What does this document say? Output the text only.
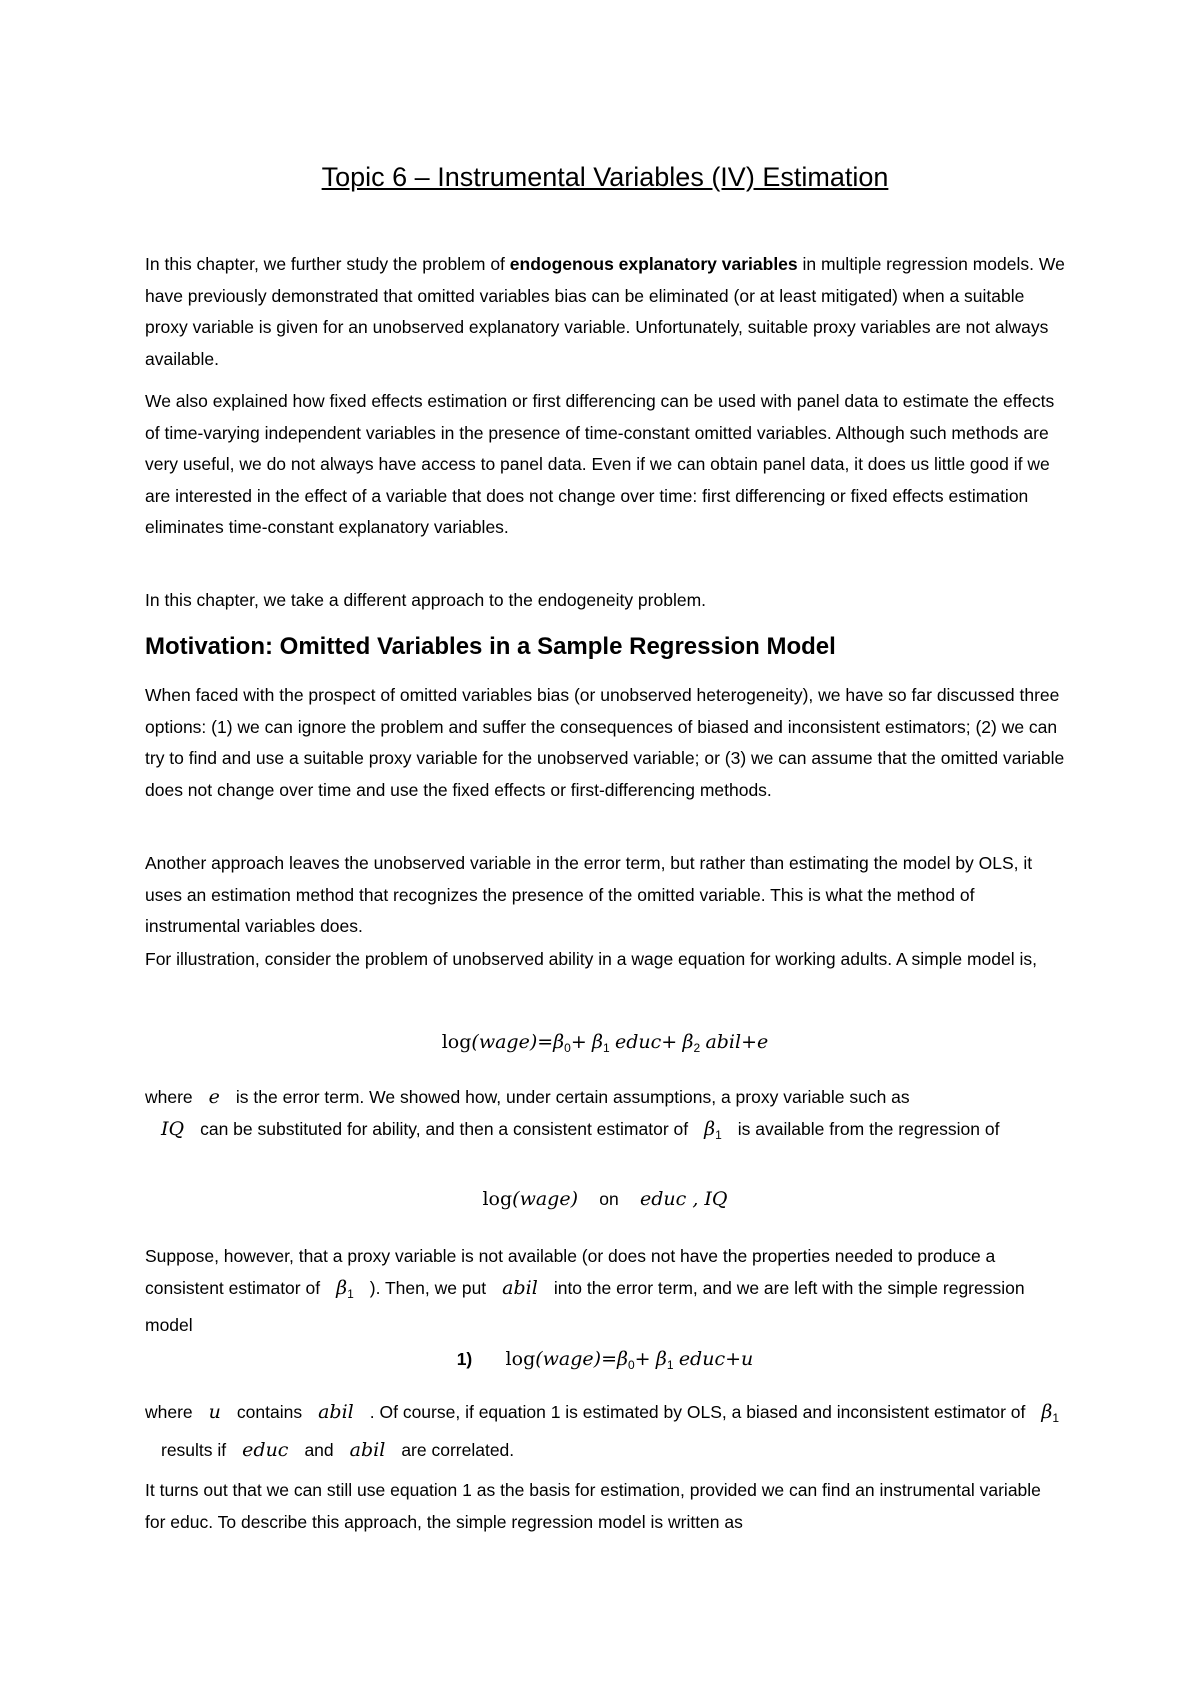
Topic 6 – Instrumental Variables (IV) Estimation

In this chapter, we further study the problem of endogenous explanatory variables in multiple regression models. We have previously demonstrated that omitted variables bias can be eliminated (or at least mitigated) when a suitable proxy variable is given for an unobserved explanatory variable. Unfortunately, suitable proxy variables are not always available.

We also explained how fixed effects estimation or first differencing can be used with panel data to estimate the effects of time-varying independent variables in the presence of time-constant omitted variables. Although such methods are very useful, we do not always have access to panel data. Even if we can obtain panel data, it does us little good if we are interested in the effect of a variable that does not change over time: first differencing or fixed effects estimation eliminates time-constant explanatory variables.

In this chapter, we take a different approach to the endogeneity problem.

Motivation: Omitted Variables in a Sample Regression Model

When faced with the prospect of omitted variables bias (or unobserved heterogeneity), we have so far discussed three options: (1) we can ignore the problem and suffer the consequences of biased and inconsistent estimators; (2) we can try to find and use a suitable proxy variable for the unobserved variable; or (3) we can assume that the omitted variable does not change over time and use the fixed effects or first-differencing methods.

Another approach leaves the unobserved variable in the error term, but rather than estimating the model by OLS, it uses an estimation method that recognizes the presence of the omitted variable. This is what the method of instrumental variables does.

For illustration, consider the problem of unobserved ability in a wage equation for working adults. A simple model is,

$\log(wage)=\beta_0+ \beta_1$ educ+ $\beta_2$ abil+e

where e is the error term. We showed how, under certain assumptions, a proxy variable such as
IQ can be substituted for ability, and then a consistent estimator of $\beta_1$ is available from the regression of

log(wage) on educ , IQ

Suppose, however, that a proxy variable is not available (or does not have the properties needed to produce a consistent estimator of $\beta_1$ ). Then, we put abil into the error term, and we are left with the simple regression model

1) $\log(wage)=\beta_0+ \beta_1$ educ+u

where u contains abil . Of course, if equation 1 is estimated by OLS, a biased and inconsistent estimator of $\beta_1results$ if educ and abil are correlated.

It turns out that we can still use equation 1 as the basis for estimation, provided we can find an instrumental variable for educ. To describe this approach, the simple regression model is written as
